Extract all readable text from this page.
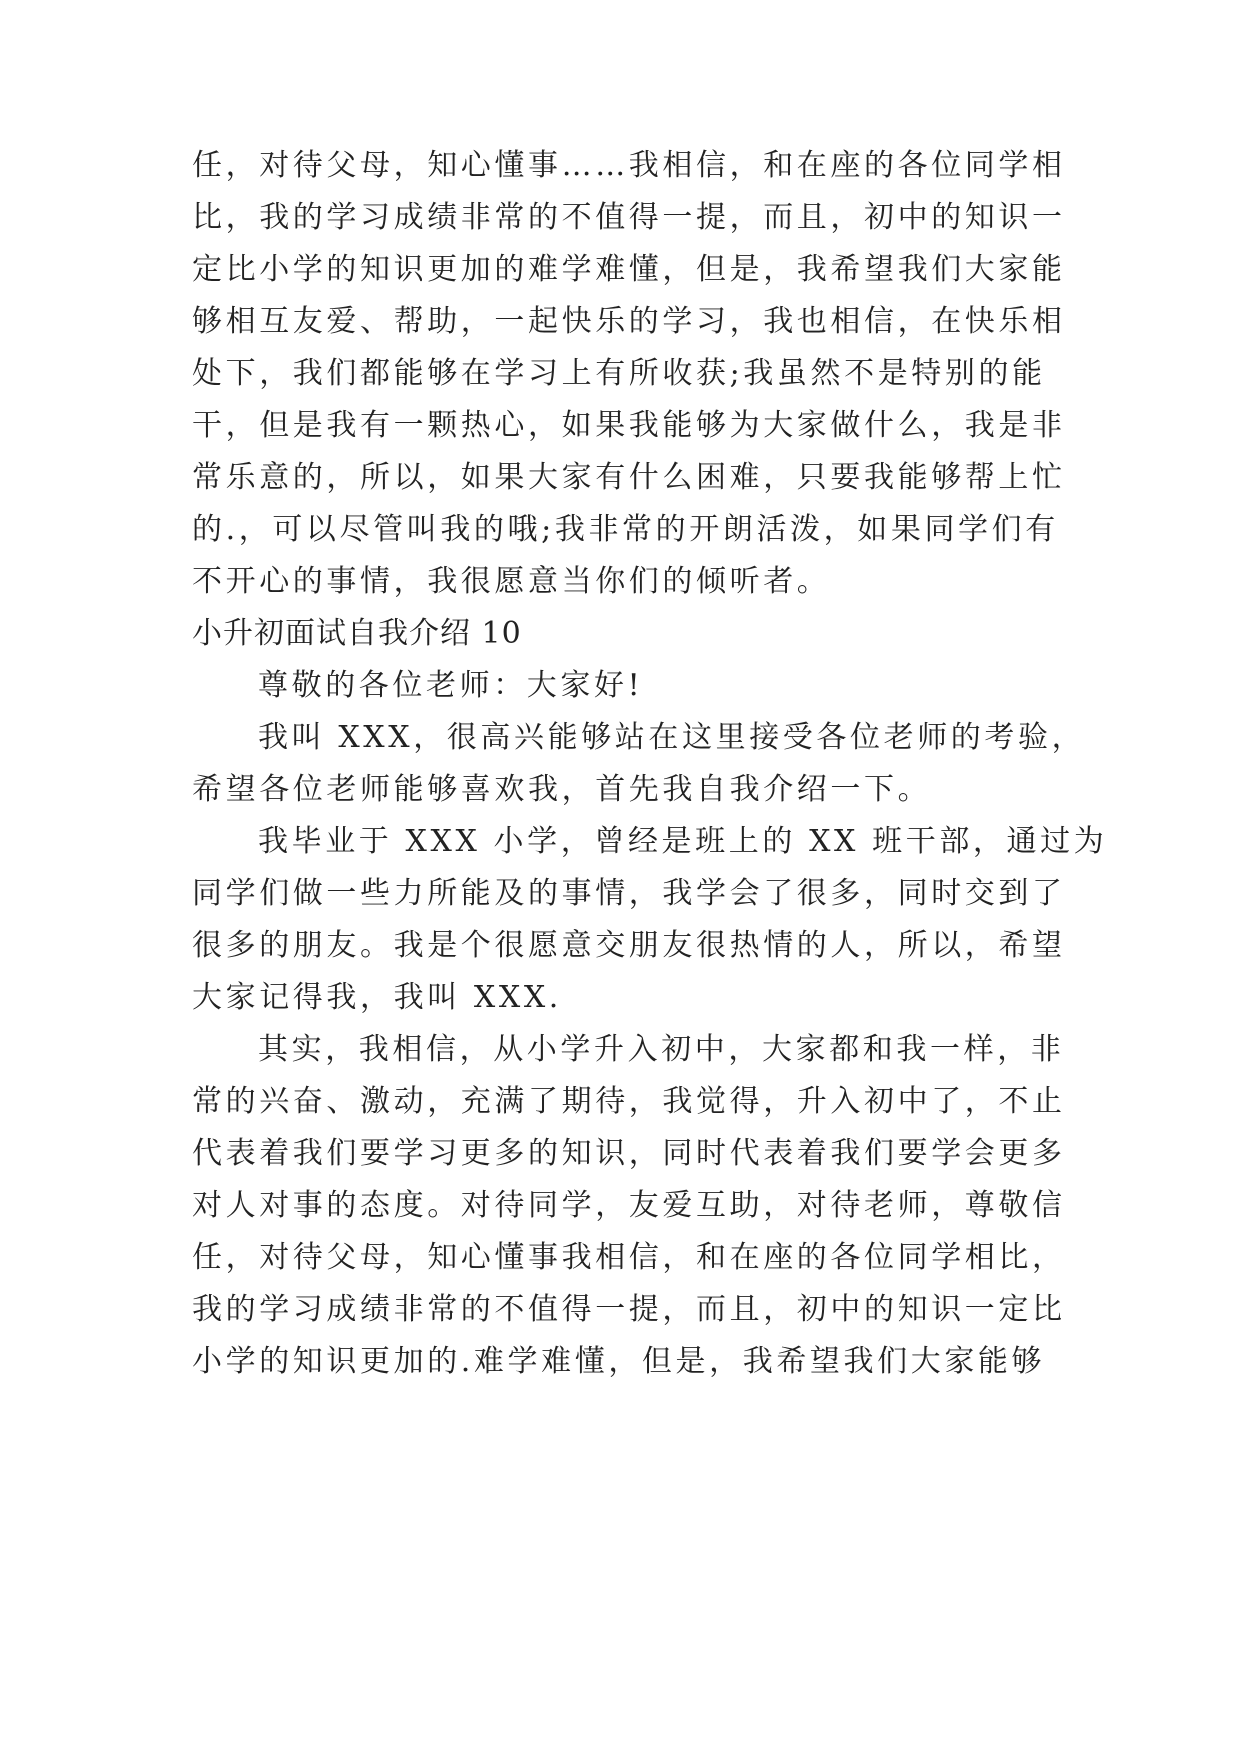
任，对待父母，知心懂事……我相信，和在座的各位同学相
比，我的学习成绩非常的不值得一提，而且，初中的知识一
定比小学的知识更加的难学难懂，但是，我希望我们大家能
够相互友爱、帮助，一起快乐的学习，我也相信，在快乐相
处下，我们都能够在学习上有所收获;我虽然不是特别的能
干，但是我有一颗热心，如果我能够为大家做什么，我是非
常乐意的，所以，如果大家有什么困难，只要我能够帮上忙
的.，可以尽管叫我的哦;我非常的开朗活泼，如果同学们有
不开心的事情，我很愿意当你们的倾听者。
小升初面试自我介绍 10
尊敬的各位老师：大家好!
我叫 XXX，很高兴能够站在这里接受各位老师的考验，
希望各位老师能够喜欢我，首先我自我介绍一下。
我毕业于 XXX 小学，曾经是班上的 XX 班干部，通过为
同学们做一些力所能及的事情，我学会了很多，同时交到了
很多的朋友。我是个很愿意交朋友很热情的人，所以，希望
大家记得我，我叫 XXX.
其实，我相信，从小学升入初中，大家都和我一样，非
常的兴奋、激动，充满了期待，我觉得，升入初中了，不止
代表着我们要学习更多的知识，同时代表着我们要学会更多
对人对事的态度。对待同学，友爱互助，对待老师，尊敬信
任，对待父母，知心懂事我相信，和在座的各位同学相比，
我的学习成绩非常的不值得一提，而且，初中的知识一定比
小学的知识更加的.难学难懂，但是，我希望我们大家能够
